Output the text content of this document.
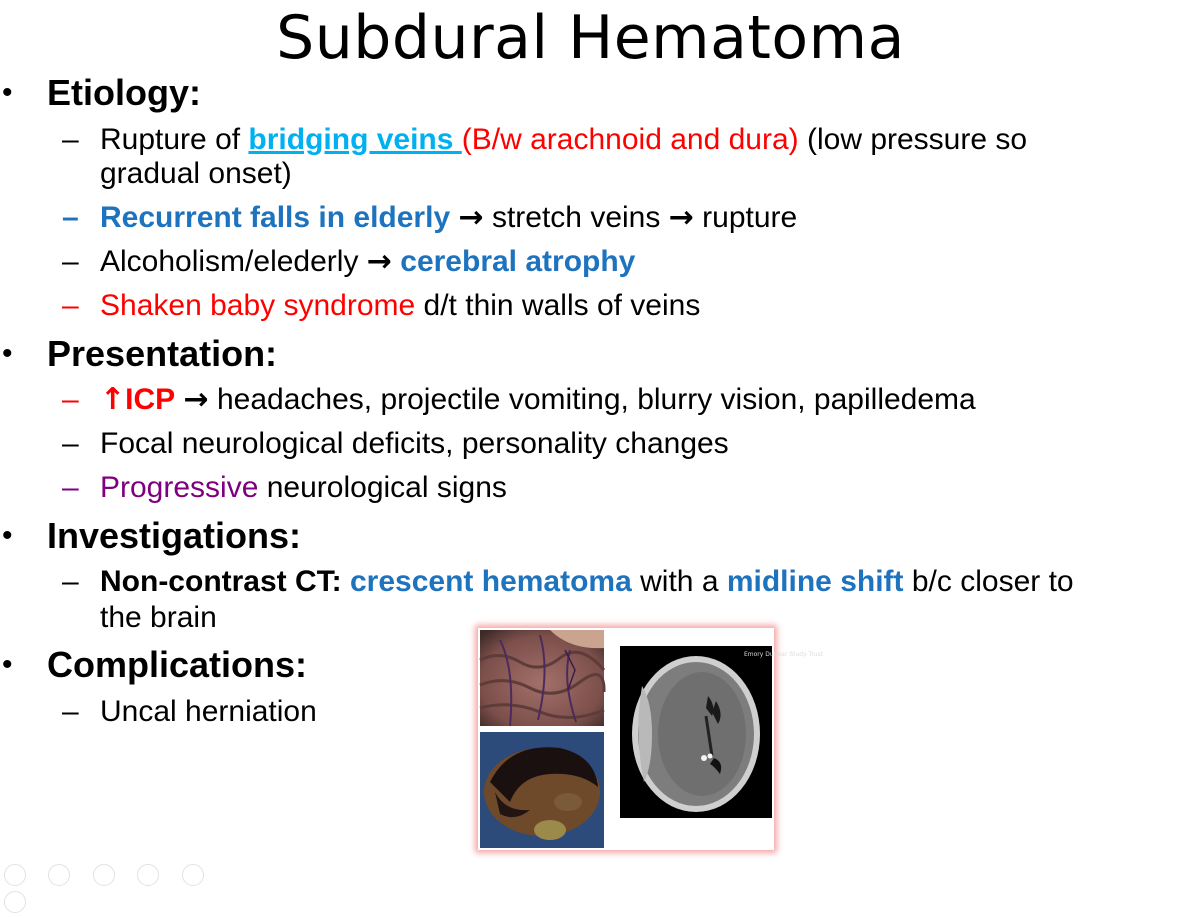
Subdural Hematoma
• Etiology:
– Rupture of bridging veins (B/w arachnoid and dura) (low pressure so
gradual onset)
– Recurrent falls in elderly → stretch veins → rupture
– Alcoholism/elederly → cerebral atrophy
– Shaken baby syndrome d/t thin walls of veins
• Presentation:
– ↑ICP → headaches, projectile vomiting, blurry vision, papilledema
– Focal neurological deficits, personality changes
– Progressive neurological signs
• Investigations:
– Non-contrast CT: crescent hematoma with a midline shift b/c closer to
the brain
• Complications:
– Uncal herniation
Emory Dunbar Study Trust
